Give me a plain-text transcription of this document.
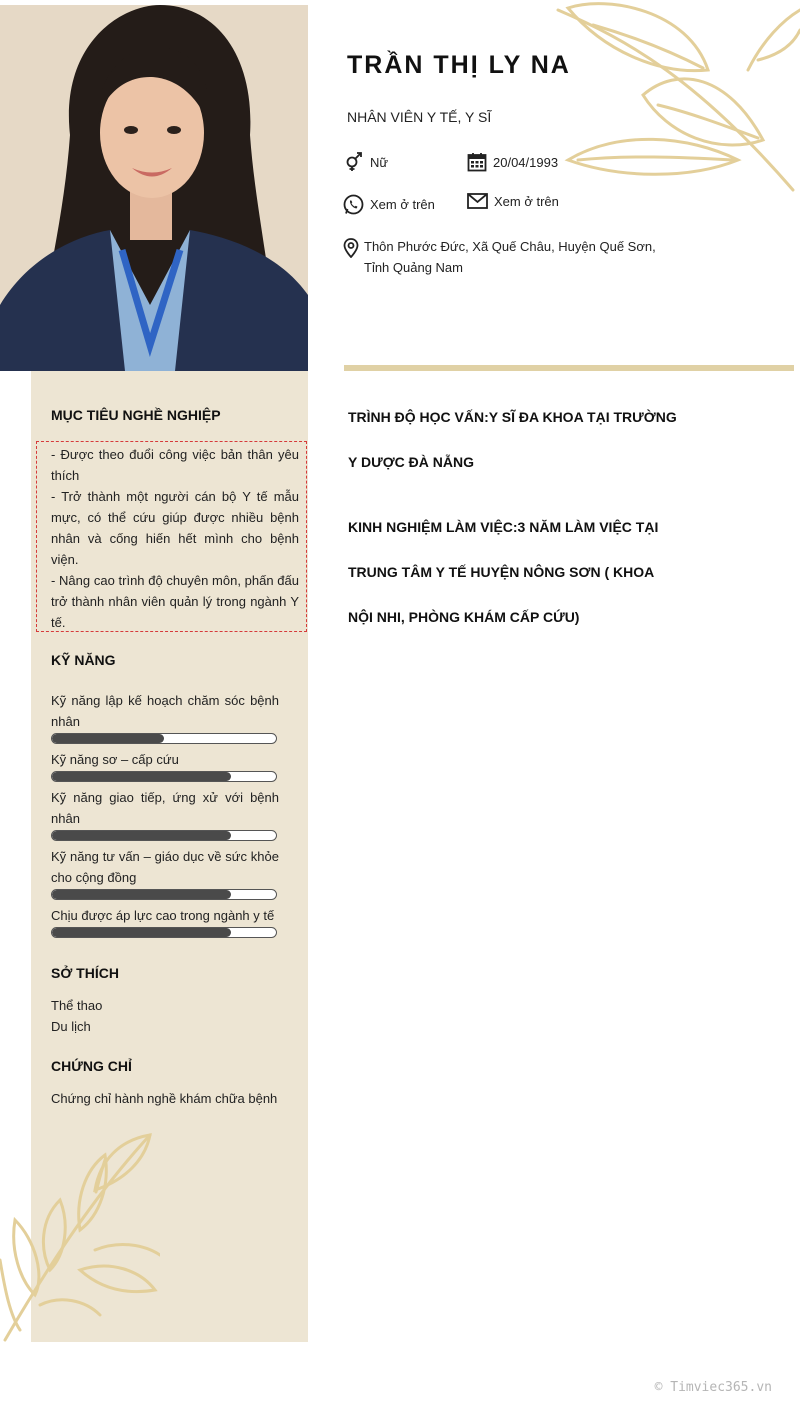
TRẦN THỊ LY NA
NHÂN VIÊN Y TẾ, Y SĨ
Nữ	20/04/1993
Xem ở trên	Xem ở trên
Thôn Phước Đức, Xã Quế Châu, Huyện Quế Sơn, Tỉnh Quảng Nam
MỤC TIÊU NGHỀ NGHIỆP

- Được theo đuổi công việc bản thân yêu thích

- Trở thành một người cán bộ Y tế mẫu mực, có thể cứu giúp được nhiều bệnh nhân và cống hiến hết mình cho bệnh viện.

- Nâng cao trình độ chuyên môn, phấn đấu trở thành nhân viên quản lý trong ngành Y tế.

KỸ NĂNG
Kỹ năng lập kế hoạch chăm sóc bệnh nhân
Kỹ năng sơ – cấp cứu
Kỹ năng giao tiếp, ứng xử với bệnh nhân
Kỹ năng tư vấn – giáo dục về sức khỏe cho cộng đồng
Chịu được áp lực cao trong ngành y tế
SỞ THÍCH
Thể thao
Du lịch
CHỨNG CHỈ
Chứng chỉ hành nghề khám chữa bệnh
TRÌNH ĐỘ HỌC VẤN:Y SĨ ĐA KHOA TẠI TRƯỜNG Y DƯỢC ĐÀ NẴNG
KINH NGHIỆM LÀM VIỆC:3 NĂM LÀM VIỆC TẠI TRUNG TÂM Y TẾ HUYỆN NÔNG SƠN ( KHOA NỘI NHI, PHÒNG KHÁM CẤP CỨU)
© Timviec365.vn
